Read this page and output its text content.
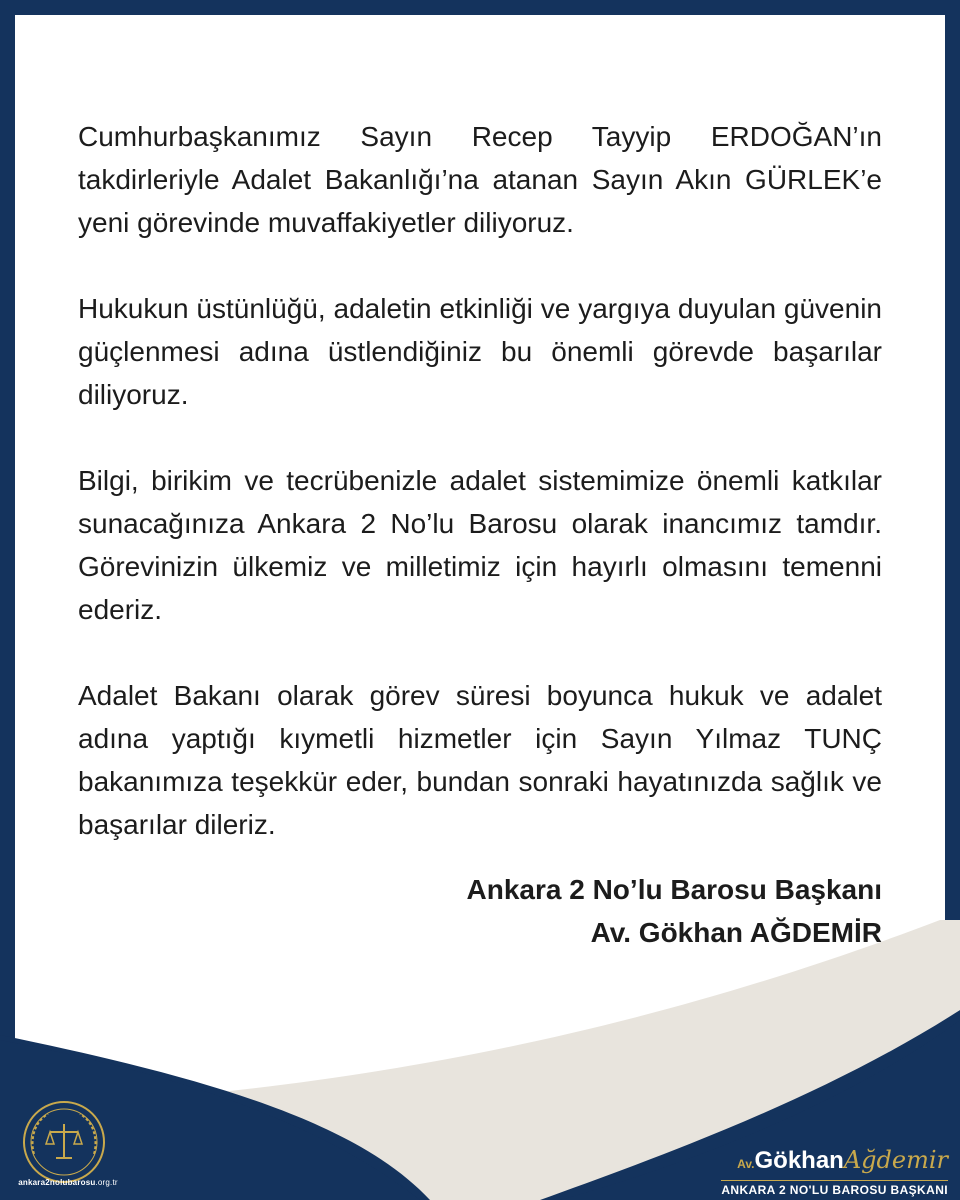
Cumhurbaşkanımız Sayın Recep Tayyip ERDOĞAN’ın takdirleriyle Adalet Bakanlığı’na atanan Sayın Akın GÜRLEK’e yeni görevinde muvaffakiyetler diliyoruz.

Hukukun üstünlüğü, adaletin etkinliği ve yargıya duyulan güvenin güçlenmesi adına üstlendiğiniz bu önemli görevde başarılar diliyoruz.

Bilgi, birikim ve tecrübenizle adalet sistemimize önemli katkılar sunacağınıza Ankara 2 No’lu Barosu olarak inancımız tamdır. Görevinizin ülkemiz ve milletimiz için hayırlı olmasını temenni ederiz.

Adalet Bakanı olarak görev süresi boyunca hukuk ve adalet adına yaptığı kıymetli hizmetler için Sayın Yılmaz TUNÇ bakanımıza teşekkür eder, bundan sonraki hayatınızda sağlık ve başarılar dileriz.

Ankara 2 No’lu Barosu Başkanı
Av. Gökhan AĞDEMİR
ankara2nolubarosu.org.tr
Av.GökhanAğdemir
ANKARA 2 NO'LU BAROSU BAŞKANI
